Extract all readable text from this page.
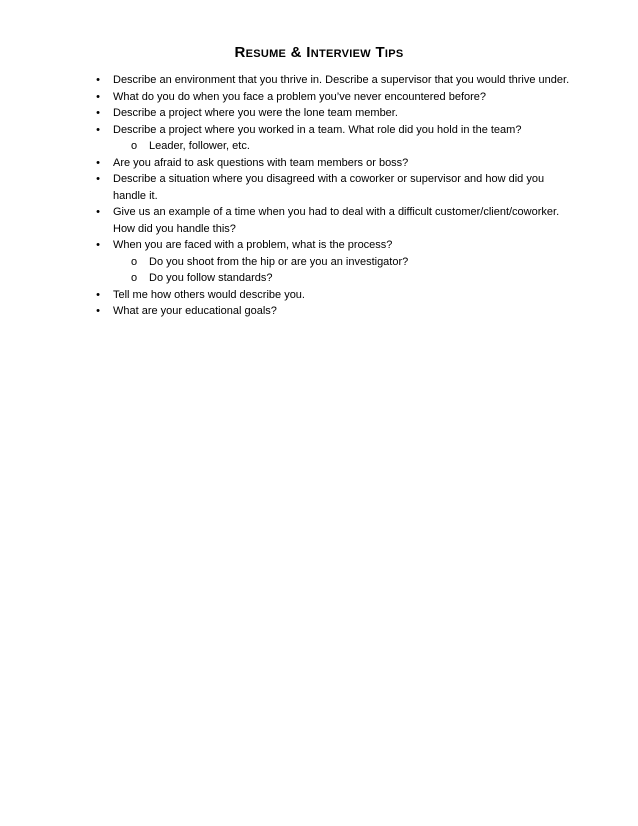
Resume & Interview Tips
• Describe an environment that you thrive in. Describe a supervisor that you would thrive under.
• What do you do when you face a problem you’ve never encountered before?
• Describe a project where you were the lone team member.
• Describe a project where you worked in a team. What role did you hold in the team?
o Leader, follower, etc.
• Are you afraid to ask questions with team members or boss?
• Describe a situation where you disagreed with a coworker or supervisor and how did you handle it.
• Give us an example of a time when you had to deal with a difficult customer/client/coworker. How did you handle this?
• When you are faced with a problem, what is the process?
o Do you shoot from the hip or are you an investigator?
o Do you follow standards?
• Tell me how others would describe you.
• What are your educational goals?
